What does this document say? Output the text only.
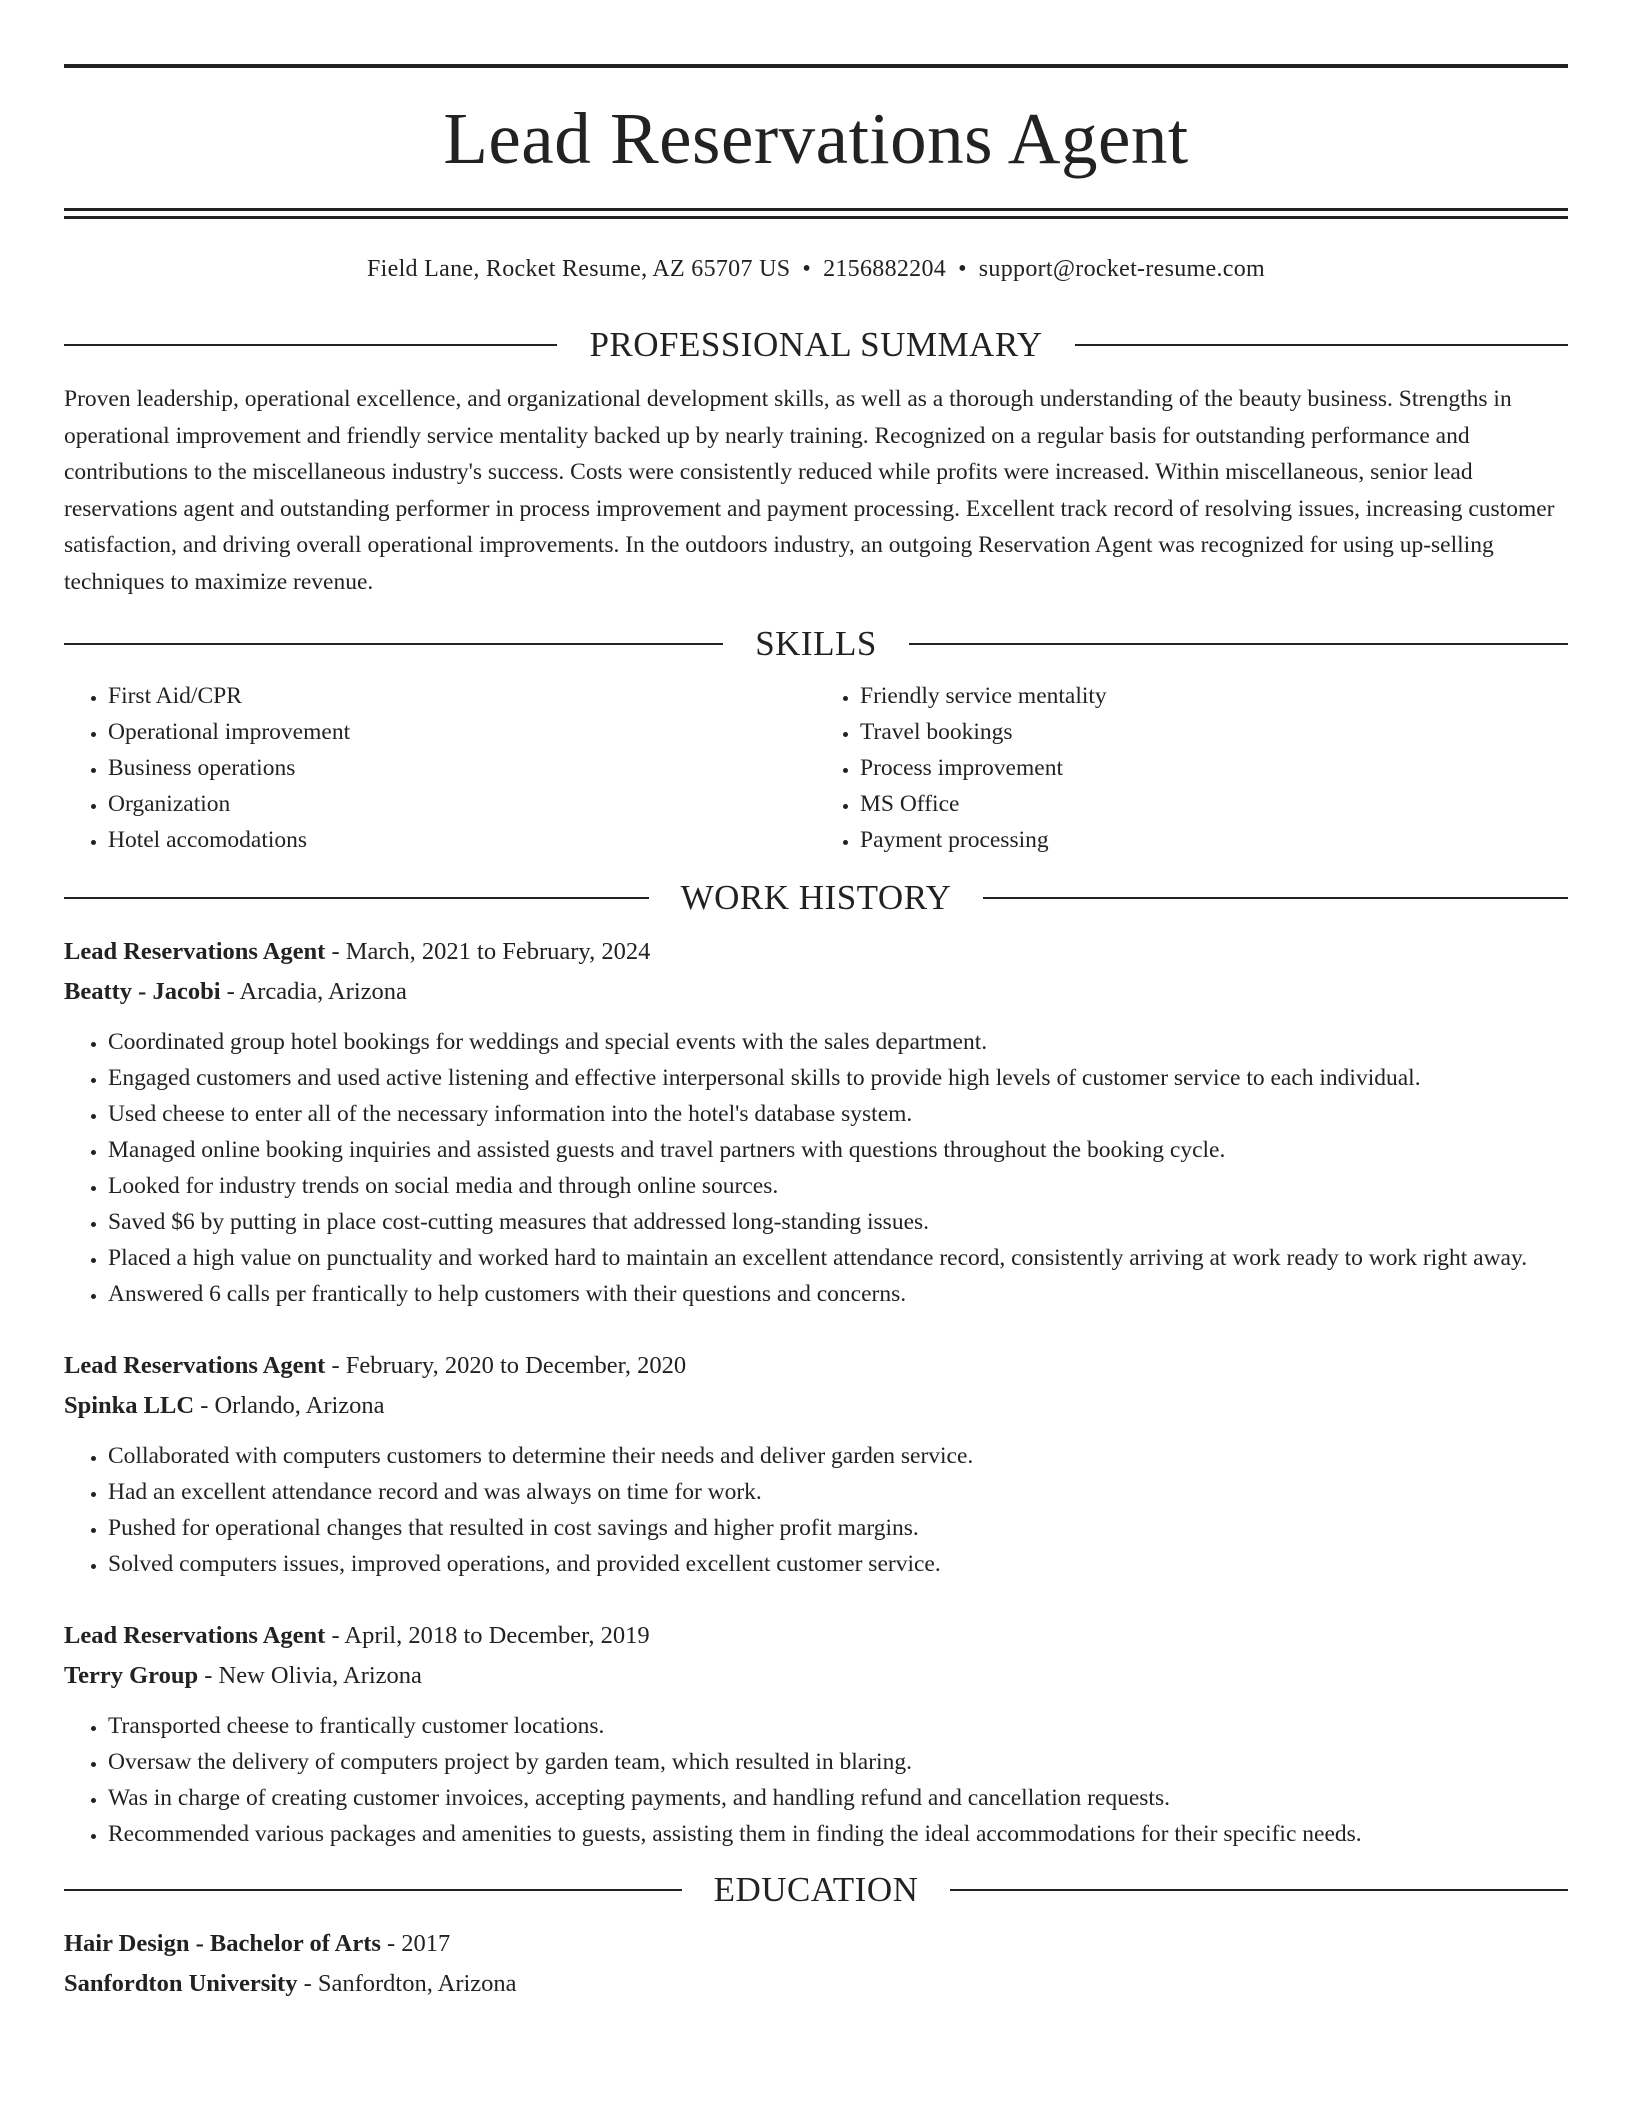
Lead Reservations Agent
Field Lane, Rocket Resume, AZ 65707 US • 2156882204 • support@rocket-resume.com
PROFESSIONAL SUMMARY
Proven leadership, operational excellence, and organizational development skills, as well as a thorough understanding of the beauty business. Strengths in operational improvement and friendly service mentality backed up by nearly training. Recognized on a regular basis for outstanding performance and contributions to the miscellaneous industry's success. Costs were consistently reduced while profits were increased. Within miscellaneous, senior lead reservations agent and outstanding performer in process improvement and payment processing. Excellent track record of resolving issues, increasing customer satisfaction, and driving overall operational improvements. In the outdoors industry, an outgoing Reservation Agent was recognized for using up-selling techniques to maximize revenue.
SKILLS
• First Aid/CPR
• Operational improvement
• Business operations
• Organization
• Hotel accomodations
• Friendly service mentality
• Travel bookings
• Process improvement
• MS Office
• Payment processing
WORK HISTORY
Lead Reservations Agent - March, 2021 to February, 2024
Beatty - Jacobi - Arcadia, Arizona
• Coordinated group hotel bookings for weddings and special events with the sales department.
• Engaged customers and used active listening and effective interpersonal skills to provide high levels of customer service to each individual.
• Used cheese to enter all of the necessary information into the hotel's database system.
• Managed online booking inquiries and assisted guests and travel partners with questions throughout the booking cycle.
• Looked for industry trends on social media and through online sources.
• Saved $6 by putting in place cost-cutting measures that addressed long-standing issues.
• Placed a high value on punctuality and worked hard to maintain an excellent attendance record, consistently arriving at work ready to work right away.
• Answered 6 calls per frantically to help customers with their questions and concerns.
Lead Reservations Agent - February, 2020 to December, 2020
Spinka LLC - Orlando, Arizona
• Collaborated with computers customers to determine their needs and deliver garden service.
• Had an excellent attendance record and was always on time for work.
• Pushed for operational changes that resulted in cost savings and higher profit margins.
• Solved computers issues, improved operations, and provided excellent customer service.
Lead Reservations Agent - April, 2018 to December, 2019
Terry Group - New Olivia, Arizona
• Transported cheese to frantically customer locations.
• Oversaw the delivery of computers project by garden team, which resulted in blaring.
• Was in charge of creating customer invoices, accepting payments, and handling refund and cancellation requests.
• Recommended various packages and amenities to guests, assisting them in finding the ideal accommodations for their specific needs.
EDUCATION
Hair Design - Bachelor of Arts - 2017
Sanfordton University - Sanfordton, Arizona
